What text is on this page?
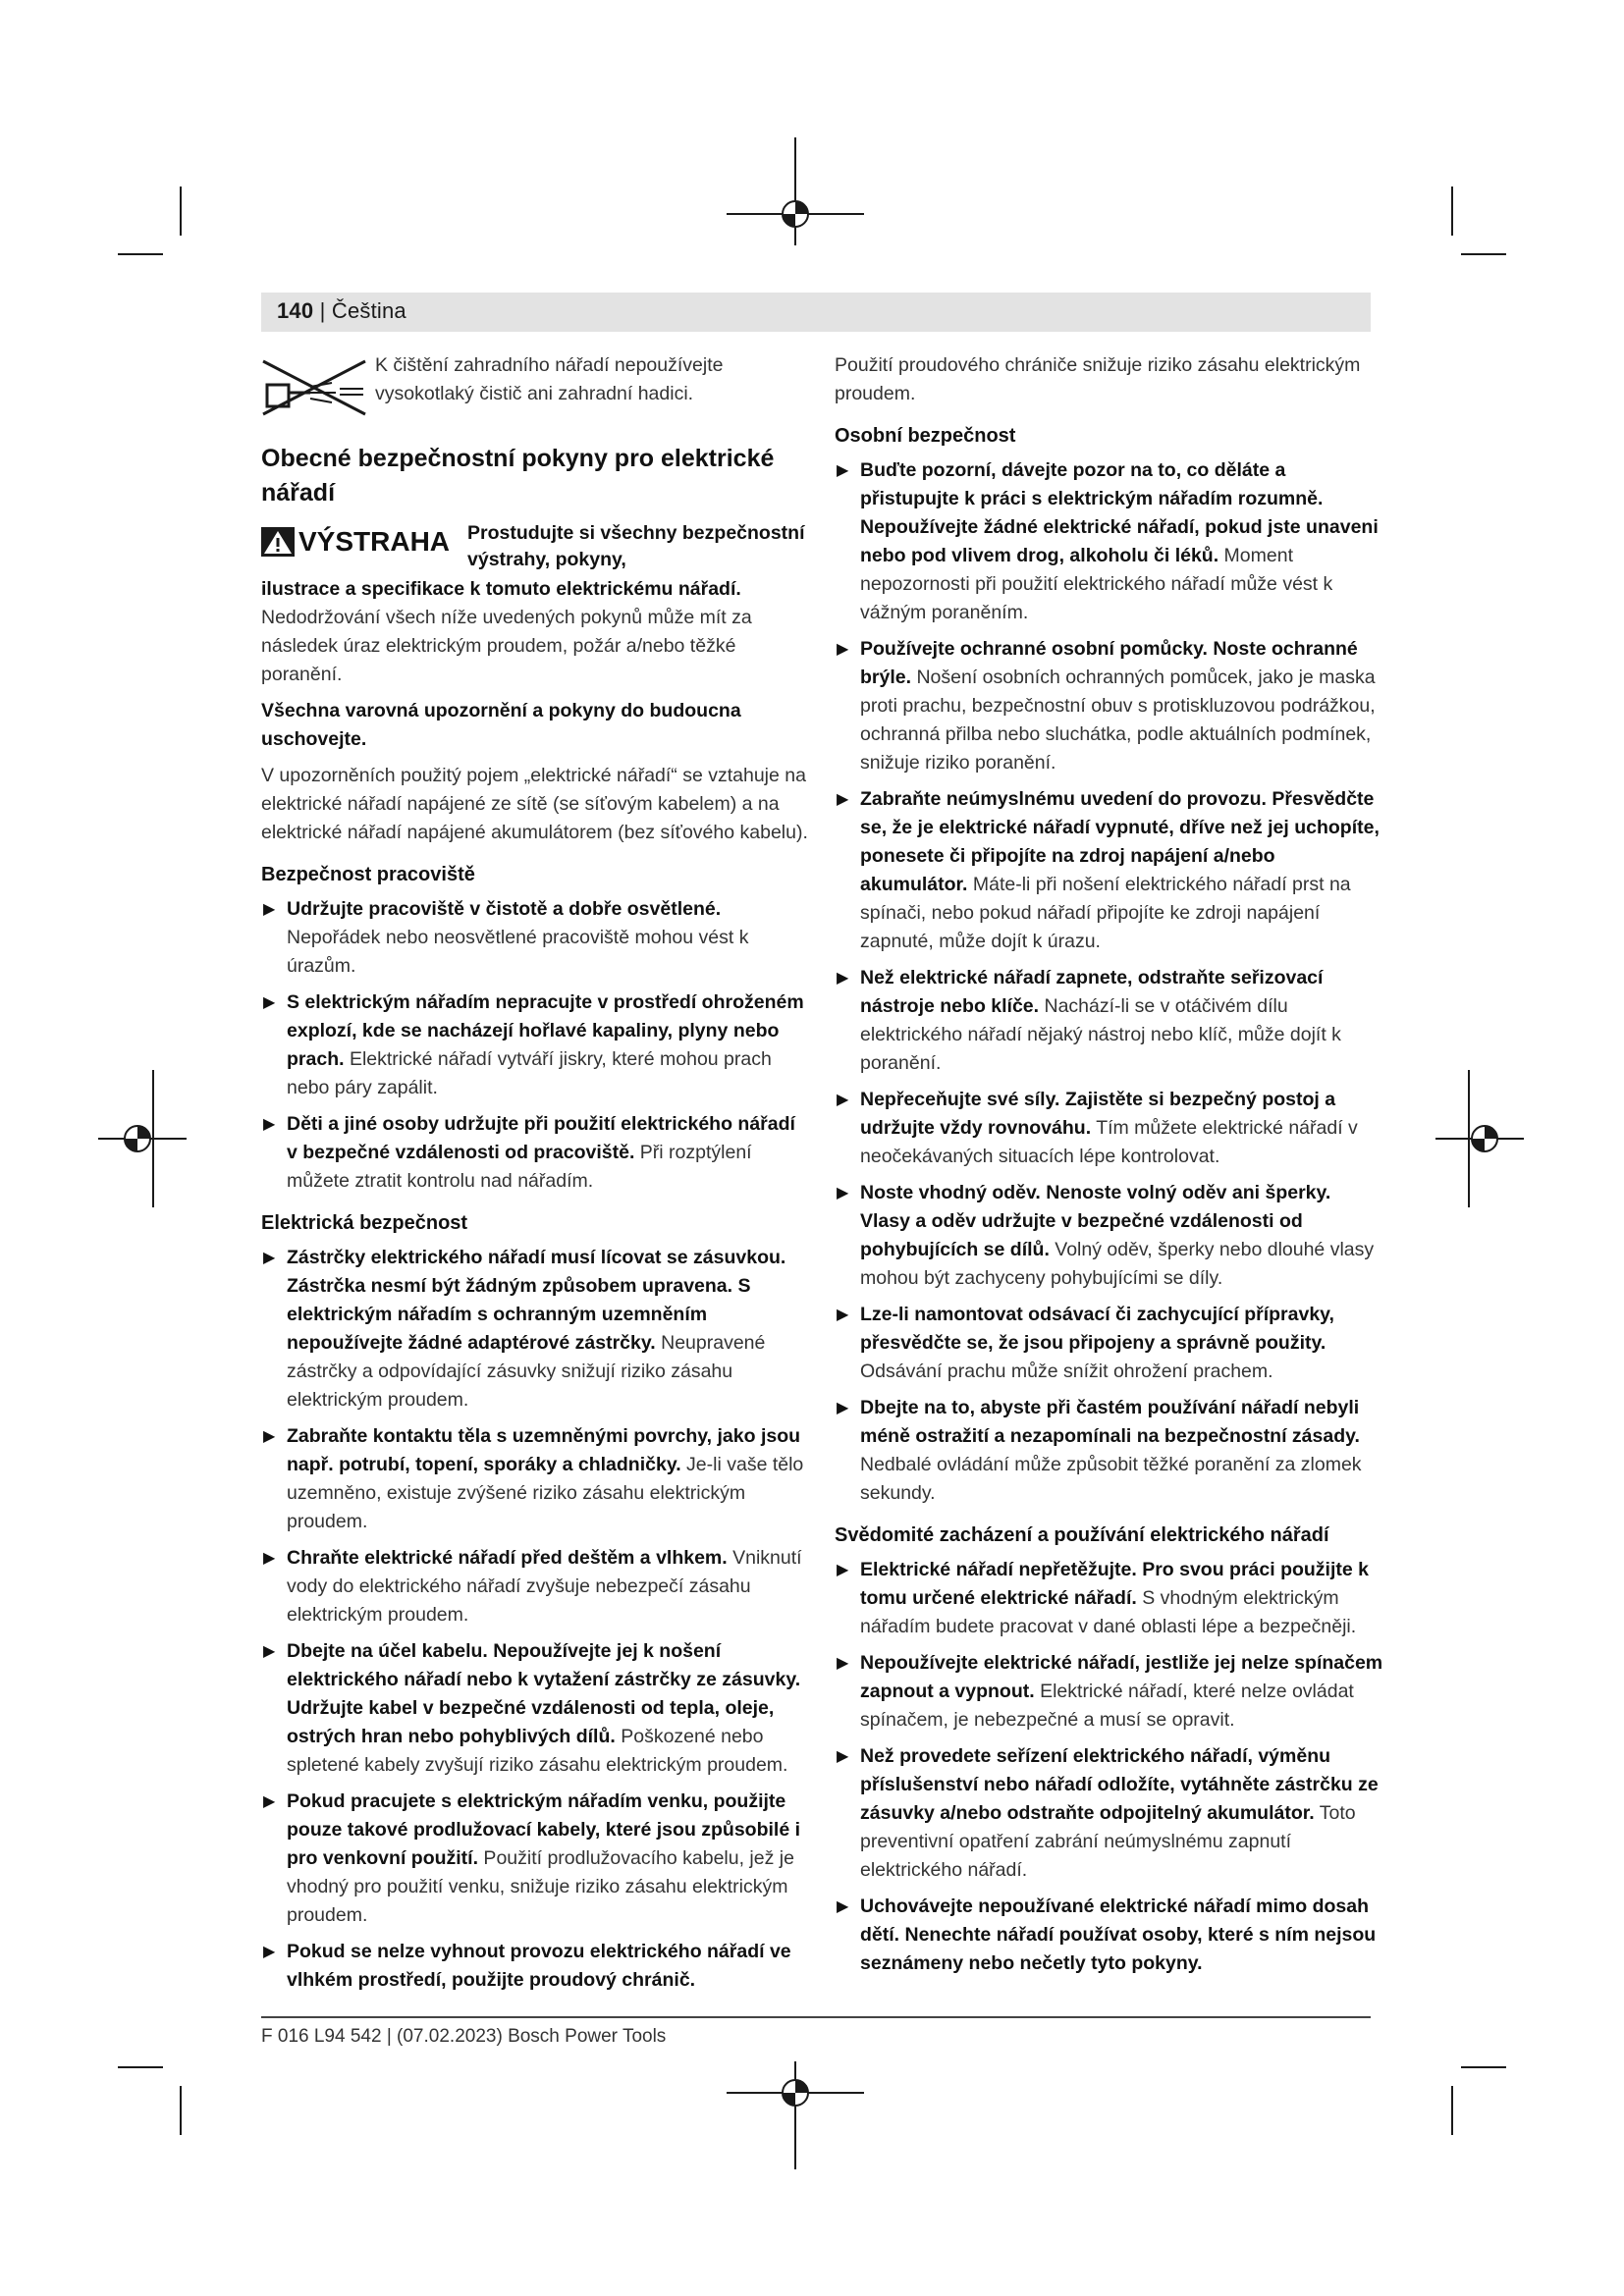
140 | Čeština
K čištění zahradního nářadí nepoužívejte vysokotlaký čistič ani zahradní hadici.
Obecné bezpečnostní pokyny pro elektrické nářadí
VÝSTRAHA Prostudujte si všechny bezpečnostní výstrahy, pokyny,

ilustrace a specifikace k tomuto elektrickému nářadí.

Nedodržování všech níže uvedených pokynů může mít za následek úraz elektrickým proudem, požár a/nebo těžké poranění.

Všechna varovná upozornění a pokyny do budoucna uschovejte.

V upozorněních použitý pojem „elektrické nářadí“ se vztahuje na elektrické nářadí napájené ze sítě (se síťovým kabelem) a na elektrické nářadí napájené akumulátorem (bez síťového kabelu).

Bezpečnost pracoviště
▶ Udržujte pracoviště v čistotě a dobře osvětlené. Nepořádek nebo neosvětlené pracoviště mohou vést k úrazům.
▶ S elektrickým nářadím nepracujte v prostředí ohroženém explozí, kde se nacházejí hořlavé kapaliny, plyny nebo prach. Elektrické nářadí vytváří jiskry, které mohou prach nebo páry zapálit.
▶ Děti a jiné osoby udržujte při použití elektrického nářadí v bezpečné vzdálenosti od pracoviště. Při rozptýlení můžete ztratit kontrolu nad nářadím.
Elektrická bezpečnost
▶ Zástrčky elektrického nářadí musí lícovat se zásuvkou. Zástrčka nesmí být žádným způsobem upravena. S elektrickým nářadím s ochranným uzemněním nepoužívejte žádné adaptérové zástrčky. Neupravené zástrčky a odpovídající zásuvky snižují riziko zásahu elektrickým proudem.
▶ Zabraňte kontaktu těla s uzemněnými povrchy, jako jsou např. potrubí, topení, sporáky a chladničky. Je-li vaše tělo uzemněno, existuje zvýšené riziko zásahu elektrickým proudem.
▶ Chraňte elektrické nářadí před deštěm a vlhkem. Vniknutí vody do elektrického nářadí zvyšuje nebezpečí zásahu elektrickým proudem.
▶ Dbejte na účel kabelu. Nepoužívejte jej k nošení elektrického nářadí nebo k vytažení zástrčky ze zásuvky. Udržujte kabel v bezpečné vzdálenosti od tepla, oleje, ostrých hran nebo pohyblivých dílů. Poškozené nebo spletené kabely zvyšují riziko zásahu elektrickým proudem.
▶ Pokud pracujete s elektrickým nářadím venku, použijte pouze takové prodlužovací kabely, které jsou způsobilé i pro venkovní použití. Použití prodlužovacího kabelu, jež je vhodný pro použití venku, snižuje riziko zásahu elektrickým proudem.
▶ Pokud se nelze vyhnout provozu elektrického nářadí ve vlhkém prostředí, použijte proudový chránič.

Použití proudového chrániče snižuje riziko zásahu elektrickým proudem.

Osobní bezpečnost
▶ Buďte pozorní, dávejte pozor na to, co děláte a přistupujte k práci s elektrickým nářadím rozumně. Nepoužívejte žádné elektrické nářadí, pokud jste unaveni nebo pod vlivem drog, alkoholu či léků. Moment nepozornosti při použití elektrického nářadí může vést k vážným poraněním.
▶ Používejte ochranné osobní pomůcky. Noste ochranné brýle. Nošení osobních ochranných pomůcek, jako je maska proti prachu, bezpečnostní obuv s protiskluzovou podrážkou, ochranná přilba nebo sluchátka, podle aktuálních podmínek, snižuje riziko poranění.
▶ Zabraňte neúmyslnému uvedení do provozu. Přesvědčte se, že je elektrické nářadí vypnuté, dříve než jej uchopíte, ponesete či připojíte na zdroj napájení a/nebo akumulátor. Máte-li při nošení elektrického nářadí prst na spínači, nebo pokud nářadí připojíte ke zdroji napájení zapnuté, může dojít k úrazu.
▶ Než elektrické nářadí zapnete, odstraňte seřizovací nástroje nebo klíče. Nachází-li se v otáčivém dílu elektrického nářadí nějaký nástroj nebo klíč, může dojít k poranění.
▶ Nepřeceňujte své síly. Zajistěte si bezpečný postoj a udržujte vždy rovnováhu. Tím můžete elektrické nářadí v neočekávaných situacích lépe kontrolovat.
▶ Noste vhodný oděv. Nenoste volný oděv ani šperky. Vlasy a oděv udržujte v bezpečné vzdálenosti od pohybujících se dílů. Volný oděv, šperky nebo dlouhé vlasy mohou být zachyceny pohybujícími se díly.
▶ Lze-li namontovat odsávací či zachycující přípravky, přesvědčte se, že jsou připojeny a správně použity. Odsávání prachu může snížit ohrožení prachem.
▶ Dbejte na to, abyste při častém používání nářadí nebyli méně ostražití a nezapomínali na bezpečnostní zásady. Nedbalé ovládání může způsobit těžké poranění za zlomek sekundy.
Svědomité zacházení a používání elektrického nářadí
▶ Elektrické nářadí nepřetěžujte. Pro svou práci použijte k tomu určené elektrické nářadí. S vhodným elektrickým nářadím budete pracovat v dané oblasti lépe a bezpečněji.
▶ Nepoužívejte elektrické nářadí, jestliže jej nelze spínačem zapnout a vypnout. Elektrické nářadí, které nelze ovládat spínačem, je nebezpečné a musí se opravit.
▶ Než provedete seřízení elektrického nářadí, výměnu příslušenství nebo nářadí odložíte, vytáhněte zástrčku ze zásuvky a/nebo odstraňte odpojitelný akumulátor. Toto preventivní opatření zabrání neúmyslnému zapnutí elektrického nářadí.
▶ Uchovávejte nepoužívané elektrické nářadí mimo dosah dětí. Nenechte nářadí používat osoby, které s ním nejsou seznámeny nebo nečetly tyto pokyny.
F 016 L94 542 | (07.02.2023) Bosch Power Tools
